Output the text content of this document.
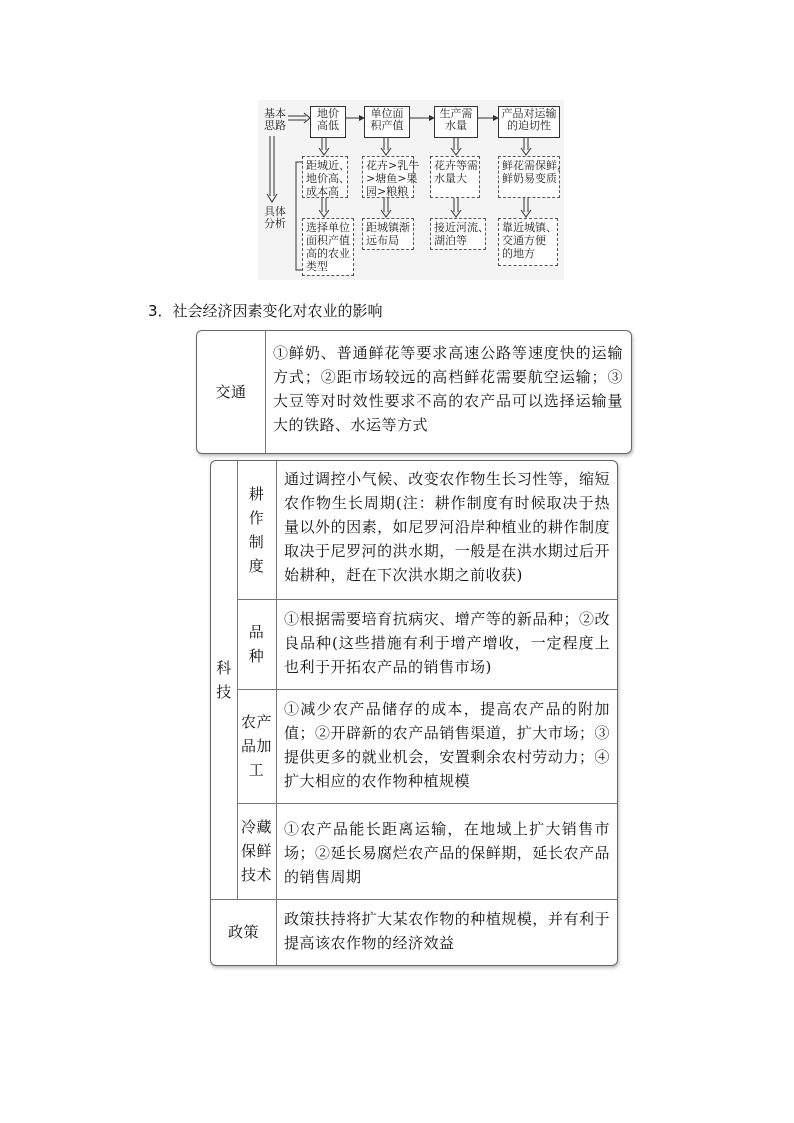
基本
思路
具体
分析
地价
高低
单位面
积产值
生产需
水量
产品对运输
的迫切性
距城近、
地价高、
成本高
花卉>乳牛
>塘鱼>果
园>粮粮
花卉等需
水量大
鲜花需保鲜，
鲜奶易变质
选择单位
面积产值
高的农业
类型
距城镇渐
远布局
接近河流、
湖泊等
靠近城镇、
交通方便
的地方
3．社会经济因素变化对农业的影响
交通
①鲜奶、普通鲜花等要求高速公路等速度快的运输方式；②距市场较远的高档鲜花需要航空运输；③大豆等对时效性要求不高的农产品可以选择运输量大的铁路、水运等方式
科
技
耕
作
制
度
通过调控小气候、改变农作物生长习性等，缩短农作物生长周期(注：耕作制度有时候取决于热量以外的因素，如尼罗河沿岸种植业的耕作制度取决于尼罗河的洪水期，一般是在洪水期过后开始耕种，赶在下次洪水期之前收获)
品
种
①根据需要培育抗病灾、增产等的新品种；②改良品种(这些措施有利于增产增收，一定程度上也利于开拓农产品的销售市场)
农产
品加
工
①减少农产品储存的成本，提高农产品的附加值；②开辟新的农产品销售渠道，扩大市场；③提供更多的就业机会，安置剩余农村劳动力；④扩大相应的农作物种植规模
冷藏
保鲜
技术
①农产品能长距离运输，在地域上扩大销售市场；②延长易腐烂农产品的保鲜期，延长农产品的销售周期
政策
政策扶持将扩大某农作物的种植规模，并有利于提高该农作物的经济效益
